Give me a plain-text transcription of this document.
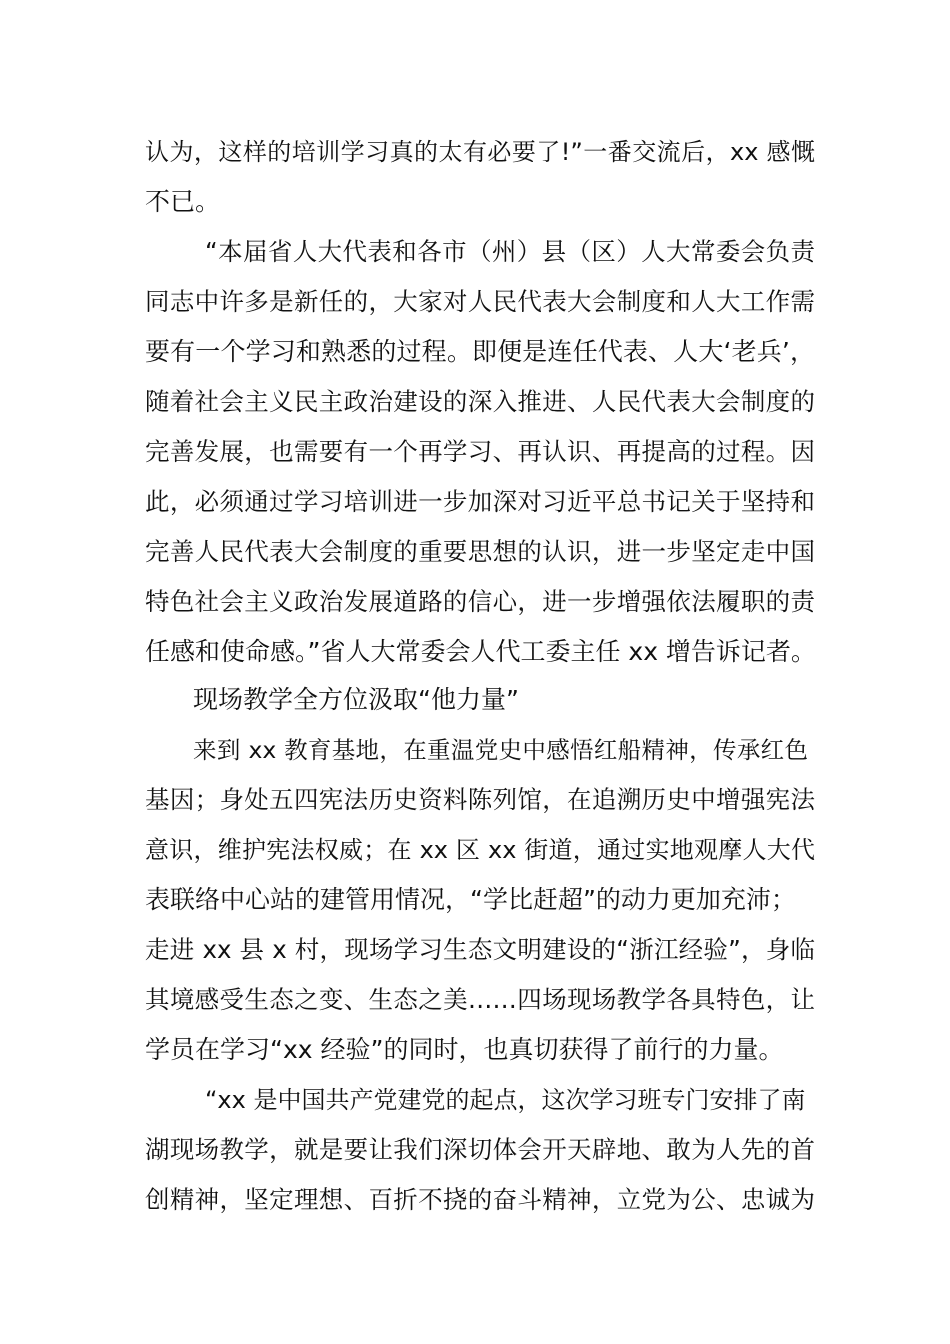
认为，这样的培训学习真的太有必要了!”一番交流后，xx 感慨
不已。
“本届省人大代表和各市（州）县（区）人大常委会负责
同志中许多是新任的，大家对人民代表大会制度和人大工作需
要有一个学习和熟悉的过程。即便是连任代表、人大‘老兵’，
随着社会主义民主政治建设的深入推进、人民代表大会制度的
完善发展，也需要有一个再学习、再认识、再提高的过程。因
此，必须通过学习培训进一步加深对习近平总书记关于坚持和
完善人民代表大会制度的重要思想的认识，进一步坚定走中国
特色社会主义政治发展道路的信心，进一步增强依法履职的责
任感和使命感。”省人大常委会人代工委主任 xx 增告诉记者。
现场教学全方位汲取“他力量”
来到 xx 教育基地，在重温党史中感悟红船精神，传承红色
基因；身处五四宪法历史资料陈列馆，在追溯历史中增强宪法
意识，维护宪法权威；在 xx 区 xx 街道，通过实地观摩人大代
表联络中心站的建管用情况，“学比赶超”的动力更加充沛；
走进 xx 县 x 村，现场学习生态文明建设的“浙江经验”，身临
其境感受生态之变、生态之美……四场现场教学各具特色，让
学员在学习“xx 经验”的同时，也真切获得了前行的力量。
“xx 是中国共产党建党的起点，这次学习班专门安排了南
湖现场教学，就是要让我们深切体会开天辟地、敢为人先的首
创精神，坚定理想、百折不挠的奋斗精神，立党为公、忠诚为
